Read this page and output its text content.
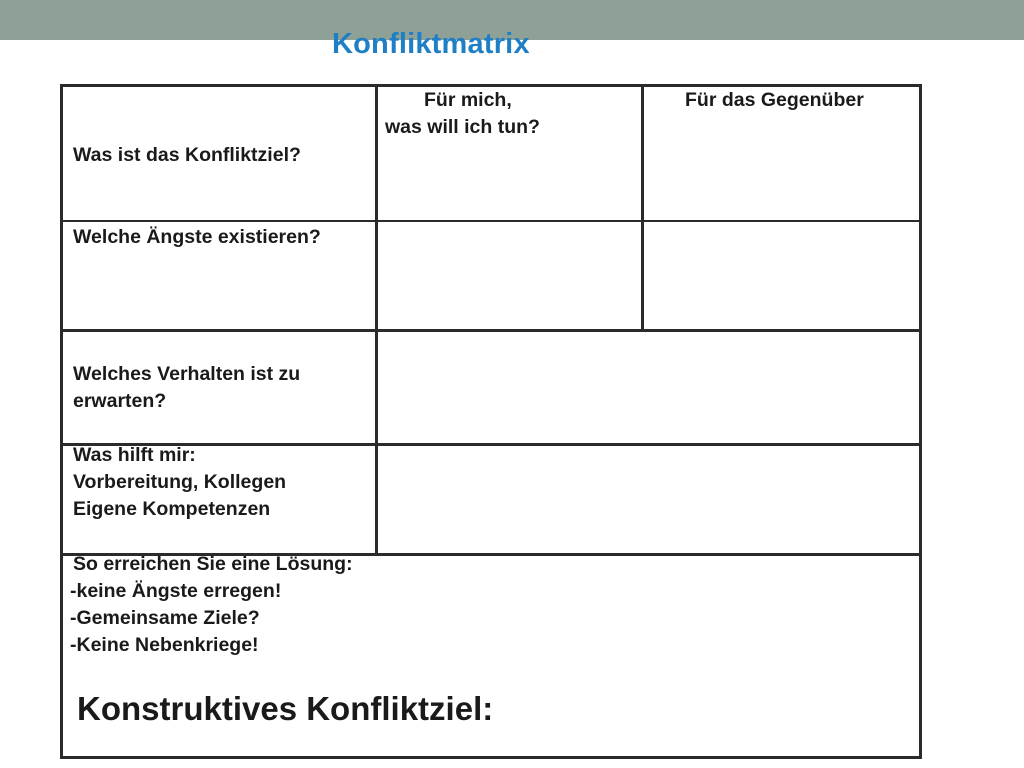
Konfliktmatrix
Für mich,
was will ich tun?
Für das Gegenüber
Was ist das Konfliktziel?
Welche Ängste existieren?
Welches Verhalten ist zu
erwarten?
Was hilft mir:
Vorbereitung, Kollegen
Eigene Kompetenzen
So erreichen Sie eine Lösung:
-keine Ängste erregen!
-Gemeinsame Ziele?
-Keine Nebenkriege!
Konstruktives Konfliktziel:
